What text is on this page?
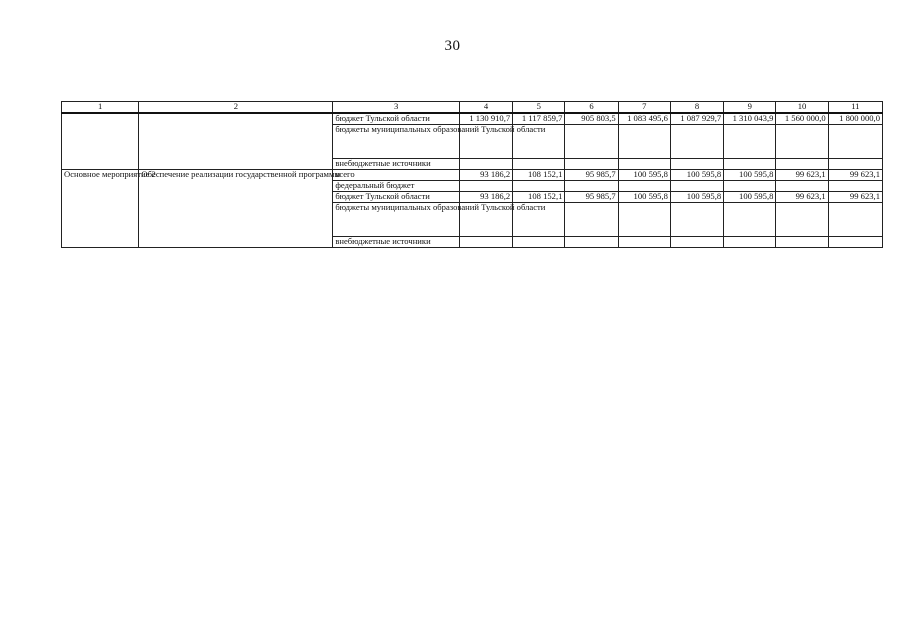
30
1	2	3	4	5	6	7	8	9	10	11
		бюджет Тульской области	1 130 910,7	1 117 859,7	905 803,5	1 083 495,6	1 087 929,7	1 310 043,9	1 560 000,0	1 800 000,0
		бюджеты муниципальных образований Тульской области								
		внебюджетные источники								
Основное мероприятие 2	Обеспечение реализации государственной программы	всего	93 186,2	108 152,1	95 985,7	100 595,8	100 595,8	100 595,8	99 623,1	99 623,1
		федеральный бюджет								
		бюджет Тульской области	93 186,2	108 152,1	95 985,7	100 595,8	100 595,8	100 595,8	99 623,1	99 623,1
		бюджеты муниципальных образований Тульской области								
		внебюджетные источники								
